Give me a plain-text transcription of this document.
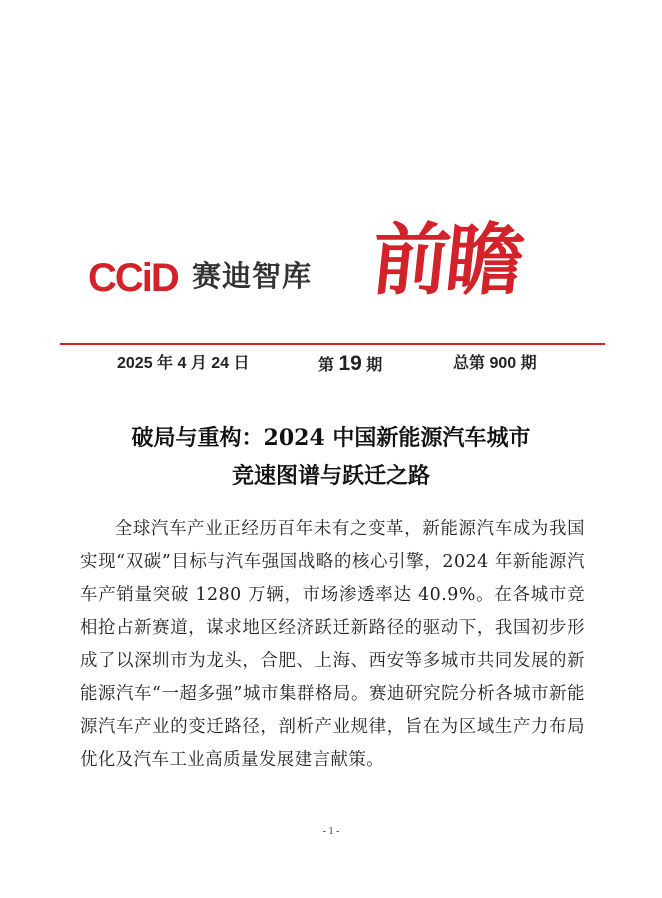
CCiD 赛迪智库 前瞻
2025 年 4 月 24 日	第 19 期	总第 900 期
破局与重构：2024 中国新能源汽车城市
竞速图谱与跃迁之路
全球汽车产业正经历百年未有之变革，新能源汽车成为我国实现“双碳”目标与汽车强国战略的核心引擎，2024 年新能源汽车产销量突破 1280 万辆，市场渗透率达 40.9%。在各城市竞相抢占新赛道，谋求地区经济跃迁新路径的驱动下，我国初步形成了以深圳市为龙头，合肥、上海、西安等多城市共同发展的新能源汽车“一超多强”城市集群格局。赛迪研究院分析各城市新能源汽车产业的变迁路径，剖析产业规律，旨在为区域生产力布局优化及汽车工业高质量发展建言献策。
- 1 -
